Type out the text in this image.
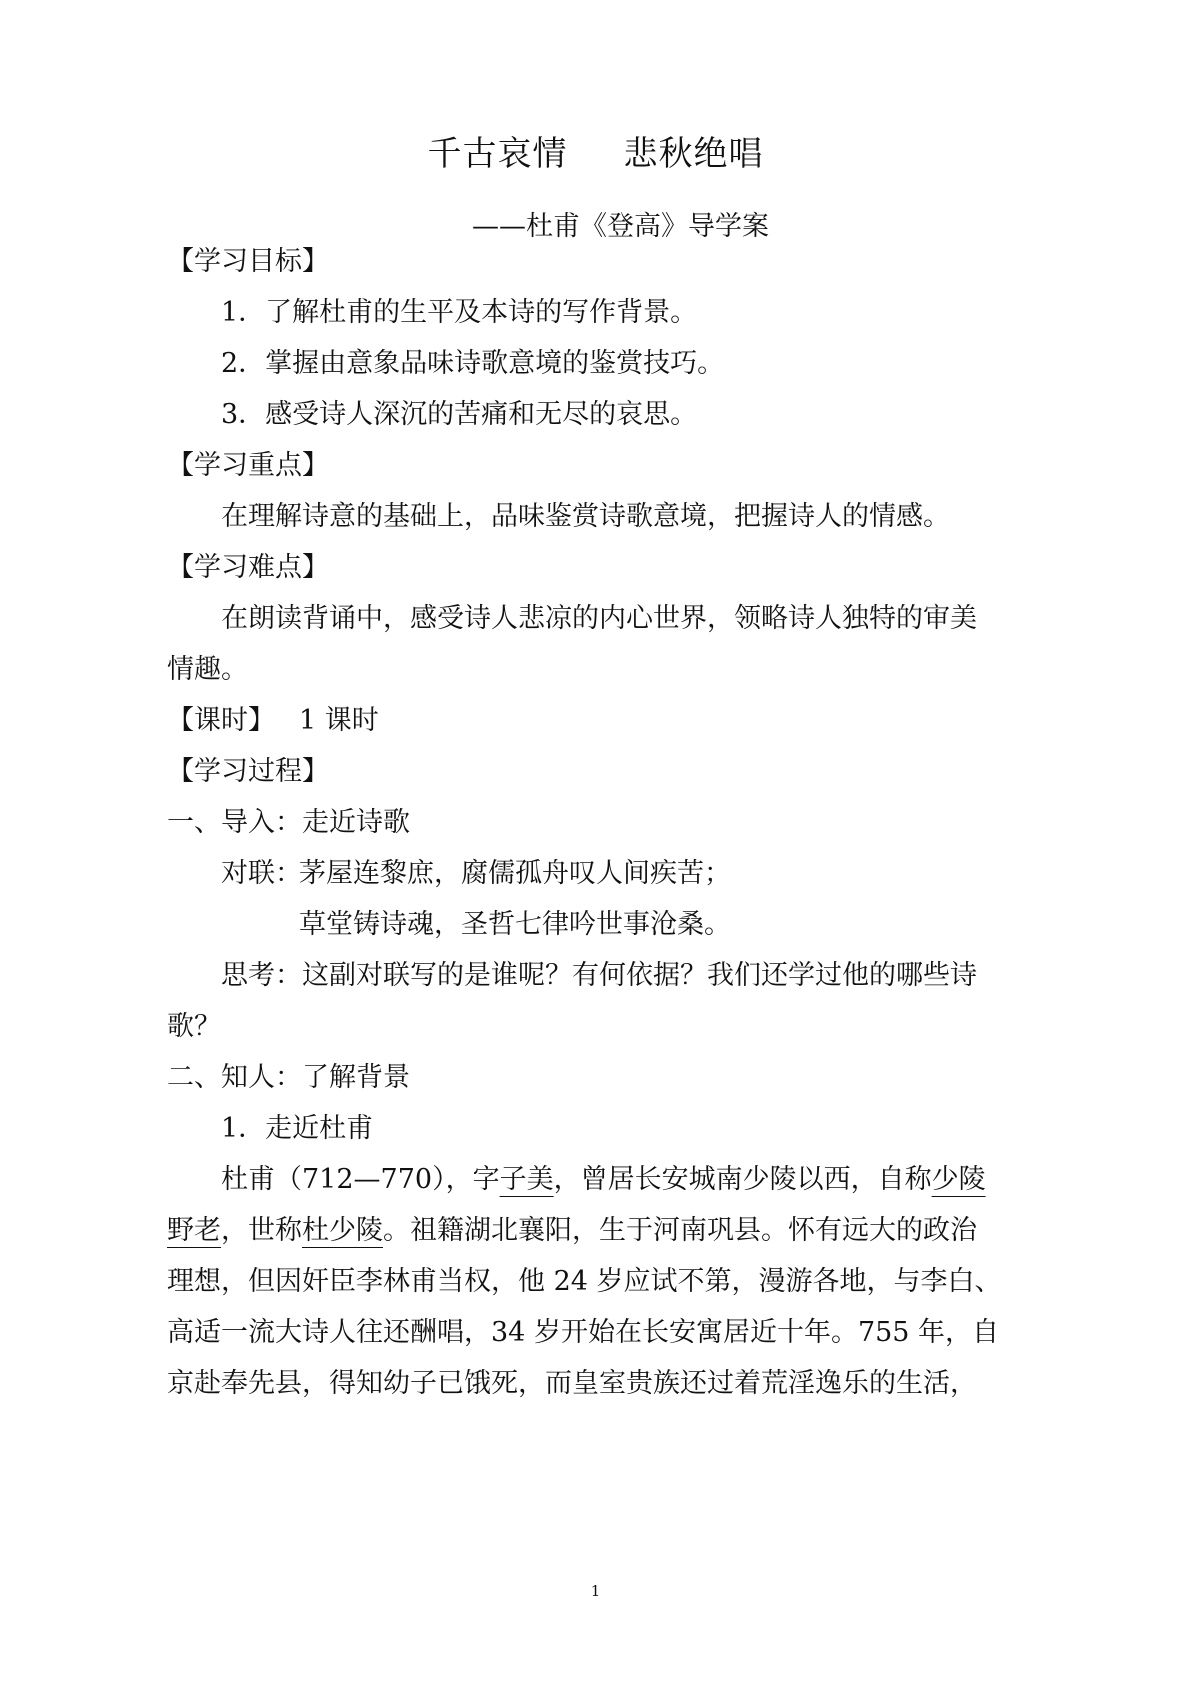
千古哀情 悲秋绝唱
——杜甫《登高》导学案
【学习目标】
1．了解杜甫的生平及本诗的写作背景。
2．掌握由意象品味诗歌意境的鉴赏技巧。
3．感受诗人深沉的苦痛和无尽的哀思。
【学习重点】
在理解诗意的基础上，品味鉴赏诗歌意境，把握诗人的情感。
【学习难点】
在朗读背诵中，感受诗人悲凉的内心世界，领略诗人独特的审美
情趣。
【课时】 1 课时
【学习过程】
一、导入：走近诗歌
对联：
茅屋连黎庶，腐儒孤舟叹人间疾苦；
草堂铸诗魂，圣哲七律吟世事沧桑。
思考：这副对联写的是谁呢？有何依据？我们还学过他的哪些诗
歌？
二、知人：了解背景
1．走近杜甫
杜甫（712—770），字子美，曾居长安城南少陵以西，自称少陵
野老，世称杜少陵。祖籍湖北襄阳，生于河南巩县。怀有远大的政治
理想，但因奸臣李林甫当权，他 24 岁应试不第，漫游各地，与李白、
高适一流大诗人往还酬唱，34 岁开始在长安寓居近十年。755 年，自
京赴奉先县，得知幼子已饿死，而皇室贵族还过着荒淫逸乐的生活，
1
